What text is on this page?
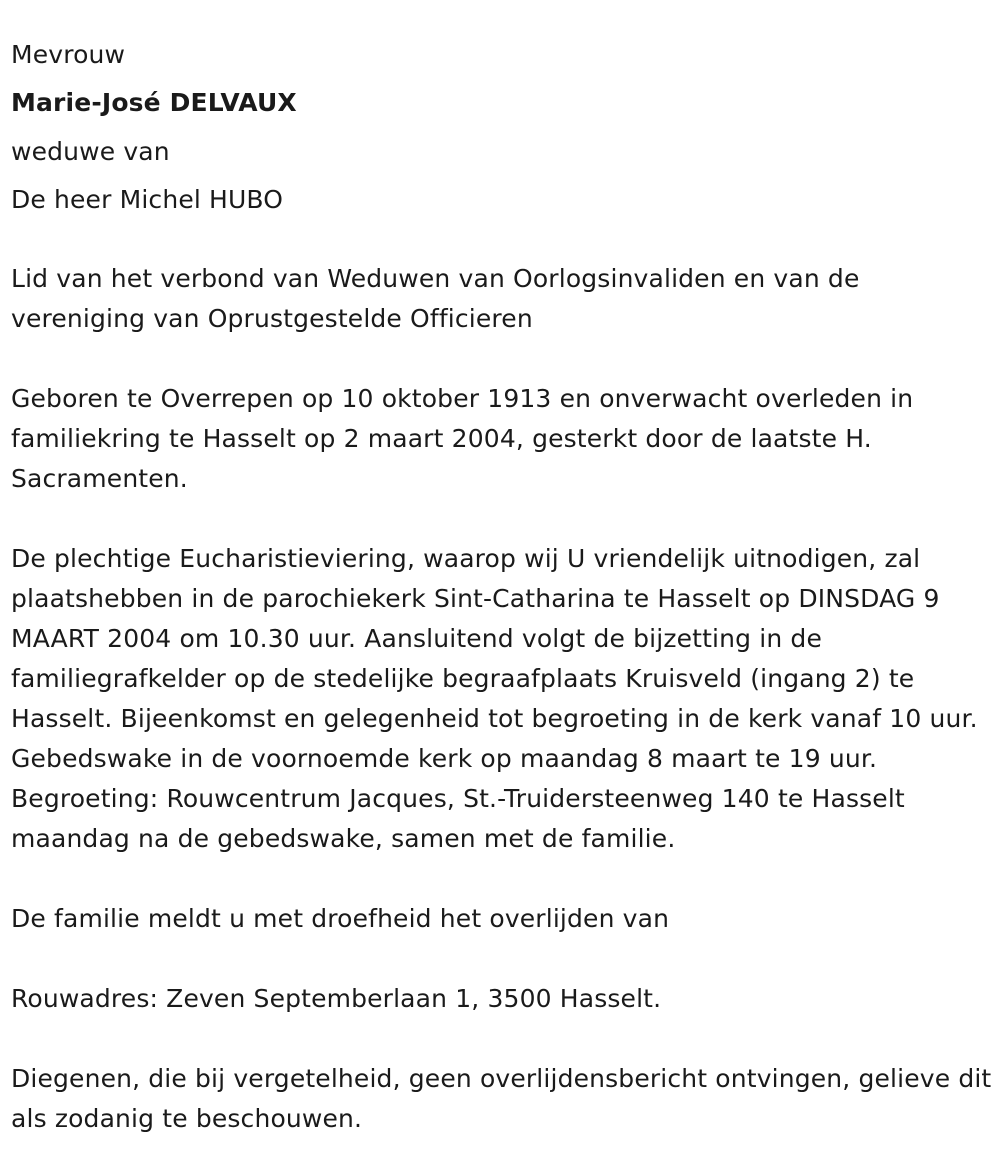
Mevrouw
Marie-José DELVAUX
weduwe van
De heer Michel HUBO
Lid van het verbond van Weduwen van Oorlogsinvaliden en van de vereniging van Oprustgestelde Officieren
Geboren te Overrepen op 10 oktober 1913 en onverwacht overleden in familiekring te Hasselt op 2 maart 2004, gesterkt door de laatste H. Sacramenten.
De plechtige Eucharistieviering, waarop wij U vriendelijk uitnodigen, zal plaatshebben in de parochiekerk Sint-Catharina te Hasselt op DINSDAG 9 MAART 2004 om 10.30 uur. Aansluitend volgt de bijzetting in de familiegrafkelder op de stedelijke begraafplaats Kruisveld (ingang 2) te Hasselt. Bijeenkomst en gelegenheid tot begroeting in de kerk vanaf 10 uur. Gebedswake in de voornoemde kerk op maandag 8 maart te 19 uur. Begroeting: Rouwcentrum Jacques, St.-Truidersteenweg 140 te Hasselt maandag na de gebedswake, samen met de familie.
De familie meldt u met droefheid het overlijden van
Rouwadres: Zeven Septemberlaan 1, 3500 Hasselt.
Diegenen, die bij vergetelheid, geen overlijdensbericht ontvingen, gelieve dit als zodanig te beschouwen.
